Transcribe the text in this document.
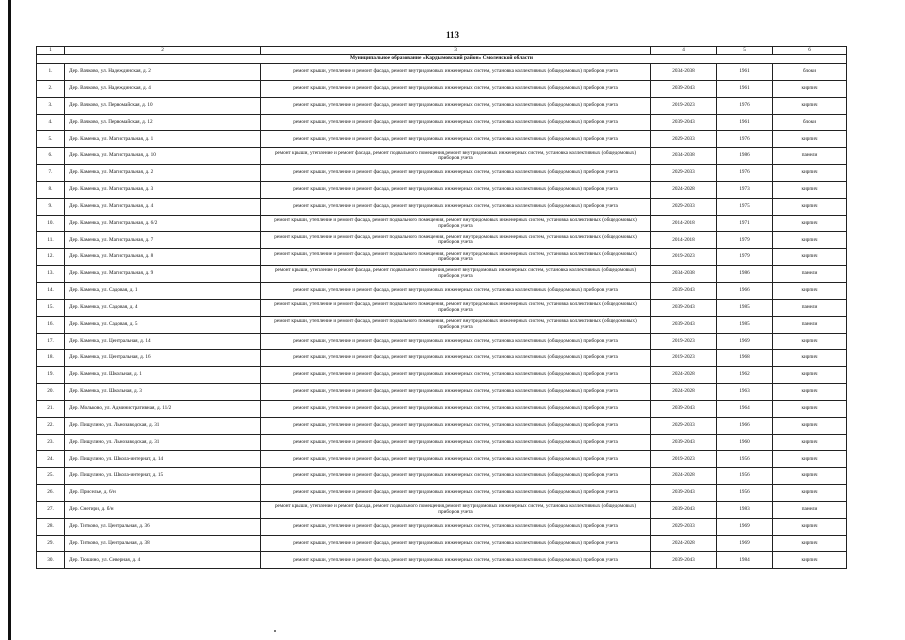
113
1	2	3	4	5	6
Муниципальное образование «Кардымовский район» Смоленской области
1.	Дер. Вачково, ул. Надеждинская, д. 2	ремонт крыши, утепление и ремонт фасада, ремонт внутридомовых инженерных систем, установка коллективных (общедомовых) приборов учета	2034-2038	1961	блоки
2.	Дер. Вачково, ул. Надеждинская, д. 4	ремонт крыши, утепление и ремонт фасада, ремонт внутридомовых инженерных систем, установка коллективных (общедомовых) приборов учета	2039-2043	1961	кирпич
3.	Дер. Вачково, ул. Первомайская, д. 10	ремонт крыши, утепление и ремонт фасада, ремонт внутридомовых инженерных систем, установка коллективных (общедомовых) приборов учета	2019-2023	1976	кирпич
4.	Дер. Вачково, ул. Первомайская, д. 12	ремонт крыши, утепление и ремонт фасада, ремонт внутридомовых инженерных систем, установка коллективных (общедомовых) приборов учета	2039-2043	1961	блоки
5.	Дер. Каменка, ул. Магистральная, д. 1	ремонт крыши, утепление и ремонт фасада, ремонт внутридомовых инженерных систем, установка коллективных (общедомовых) приборов учета	2029-2033	1976	кирпич
6.	Дер. Каменка, ул. Магистральная, д. 10	ремонт крыши, утепление и ремонт фасада, ремонт подвального помещения,ремонт внутридомовых инженерных систем, установка коллективных (общедомовых) приборов учета	2034-2038	1986	панели
7.	Дер. Каменка, ул. Магистральная, д. 2	ремонт крыши, утепление и ремонт фасада, ремонт внутридомовых инженерных систем, установка коллективных (общедомовых) приборов учета	2029-2033	1976	кирпич
8.	Дер. Каменка, ул. Магистральная, д. 3	ремонт крыши, утепление и ремонт фасада, ремонт внутридомовых инженерных систем, установка коллективных (общедомовых) приборов учета	2024-2028	1973	кирпич
9.	Дер. Каменка, ул. Магистральная, д. 4	ремонт крыши, утепление и ремонт фасада, ремонт внутридомовых инженерных систем, установка коллективных (общедомовых) приборов учета	2029-2033	1975	кирпич
10.	Дер. Каменка, ул. Магистральная, д. 6/2	ремонт крыши, утепление и ремонт фасада, ремонт подвального помещения, ремонт внутридомовых инженерных систем, установка коллективных (общедомовых) приборов учета	2014-2018	1971	кирпич
11.	Дер. Каменка, ул. Магистральная, д. 7	ремонт крыши, утепление и ремонт фасада, ремонт подвального помещения, ремонт внутридомовых инженерных систем, установка коллективных (общедомовых) приборов учета	2014-2018	1979	кирпич
12.	Дер. Каменка, ул. Магистральная, д. 8	ремонт крыши, утепление и ремонт фасада, ремонт подвального помещения, ремонт внутридомовых инженерных систем, установка коллективных (общедомовых) приборов учета	2019-2023	1979	кирпич
13.	Дер. Каменка, ул. Магистральная, д. 9	ремонт крыши, утепление и ремонт фасада, ремонт подвального помещения,ремонт внутридомовых инженерных систем, установка коллективных (общедомовых) приборов учета	2034-2038	1986	панели
14.	Дер. Каменка, ул. Садовая, д. 1	ремонт крыши, утепление и ремонт фасада, ремонт внутридомовых инженерных систем, установка коллективных (общедомовых) приборов учета	2039-2043	1966	кирпич
15.	Дер. Каменка, ул. Садовая, д. 4	ремонт крыши, утепление и ремонт фасада, ремонт подвального помещения, ремонт внутридомовых инженерных систем, установка коллективных (общедомовых) приборов учета	2039-2043	1985	панели
16.	Дер. Каменка, ул. Садовая, д. 5	ремонт крыши, утепление и ремонт фасада, ремонт подвального помещения, ремонт внутридомовых инженерных систем, установка коллективных (общедомовых) приборов учета	2039-2043	1985	панели
17.	Дер. Каменка, ул. Центральная, д. 14	ремонт крыши, утепление и ремонт фасада, ремонт внутридомовых инженерных систем, установка коллективных (общедомовых) приборов учета	2019-2023	1969	кирпич
18.	Дер. Каменка, ул. Центральная, д. 16	ремонт крыши, утепление и ремонт фасада, ремонт внутридомовых инженерных систем, установка коллективных (общедомовых) приборов учета	2019-2023	1968	кирпич
19.	Дер. Каменка, ул. Школьная, д. 1	ремонт крыши, утепление и ремонт фасада, ремонт внутридомовых инженерных систем, установка коллективных (общедомовых) приборов учета	2024-2028	1962	кирпич
20.	Дер. Каменка, ул. Школьная, д. 3	ремонт крыши, утепление и ремонт фасада, ремонт внутридомовых инженерных систем, установка коллективных (общедомовых) приборов учета	2024-2028	1963	кирпич
21.	Дер. Мольково, ул. Административная, д. 11/2	ремонт крыши, утепление и ремонт фасада, ремонт внутридомовых инженерных систем, установка коллективных (общедомовых) приборов учета	2039-2043	1964	кирпич
22.	Дер. Пищулино, ул. Льнозаводская, д. 31	ремонт крыши, утепление и ремонт фасада, ремонт внутридомовых инженерных систем, установка коллективных (общедомовых) приборов учета	2029-2033	1966	кирпич
23.	Дер. Пищулино, ул. Льнозаводская, д. 31	ремонт крыши, утепление и ремонт фасада, ремонт внутридомовых инженерных систем, установка коллективных (общедомовых) приборов учета	2039-2043	1960	кирпич
24.	Дер. Пищулино, ул. Школа-интернат, д. 14	ремонт крыши, утепление и ремонт фасада, ремонт внутридомовых инженерных систем, установка коллективных (общедомовых) приборов учета	2019-2023	1956	кирпич
25.	Дер. Пищулино, ул. Школа-интернат, д. 15	ремонт крыши, утепление и ремонт фасада, ремонт внутридомовых инженерных систем, установка коллективных (общедомовых) приборов учета	2024-2028	1956	кирпич
26.	Дер. Приселье, д. 6/н	ремонт крыши, утепление и ремонт фасада, ремонт внутридомовых инженерных систем, установка коллективных (общедомовых) приборов учета	2039-2043	1956	кирпич
27.	Дер. Снегири, д. б/н	ремонт крыши, утепление и ремонт фасада, ремонт подвального помещения,ремонт внутридомовых инженерных систем, установка коллективных (общедомовых) приборов учета	2039-2043	1983	панели
28.	Дер. Титково, ул. Центральная, д. 36	ремонт крыши, утепление и ремонт фасада, ремонт внутридомовых инженерных систем, установка коллективных (общедомовых) приборов учета	2029-2033	1969	кирпич
29.	Дер. Титково, ул. Центральная, д. 38	ремонт крыши, утепление и ремонт фасада, ремонт внутридомовых инженерных систем, установка коллективных (общедомовых) приборов учета	2024-2028	1969	кирпич
30.	Дер. Тюшино, ул. Северная, д. 4	ремонт крыши, утепление и ремонт фасада, ремонт внутридомовых инженерных систем, установка коллективных (общедомовых) приборов учета	2039-2043	1984	кирпич
